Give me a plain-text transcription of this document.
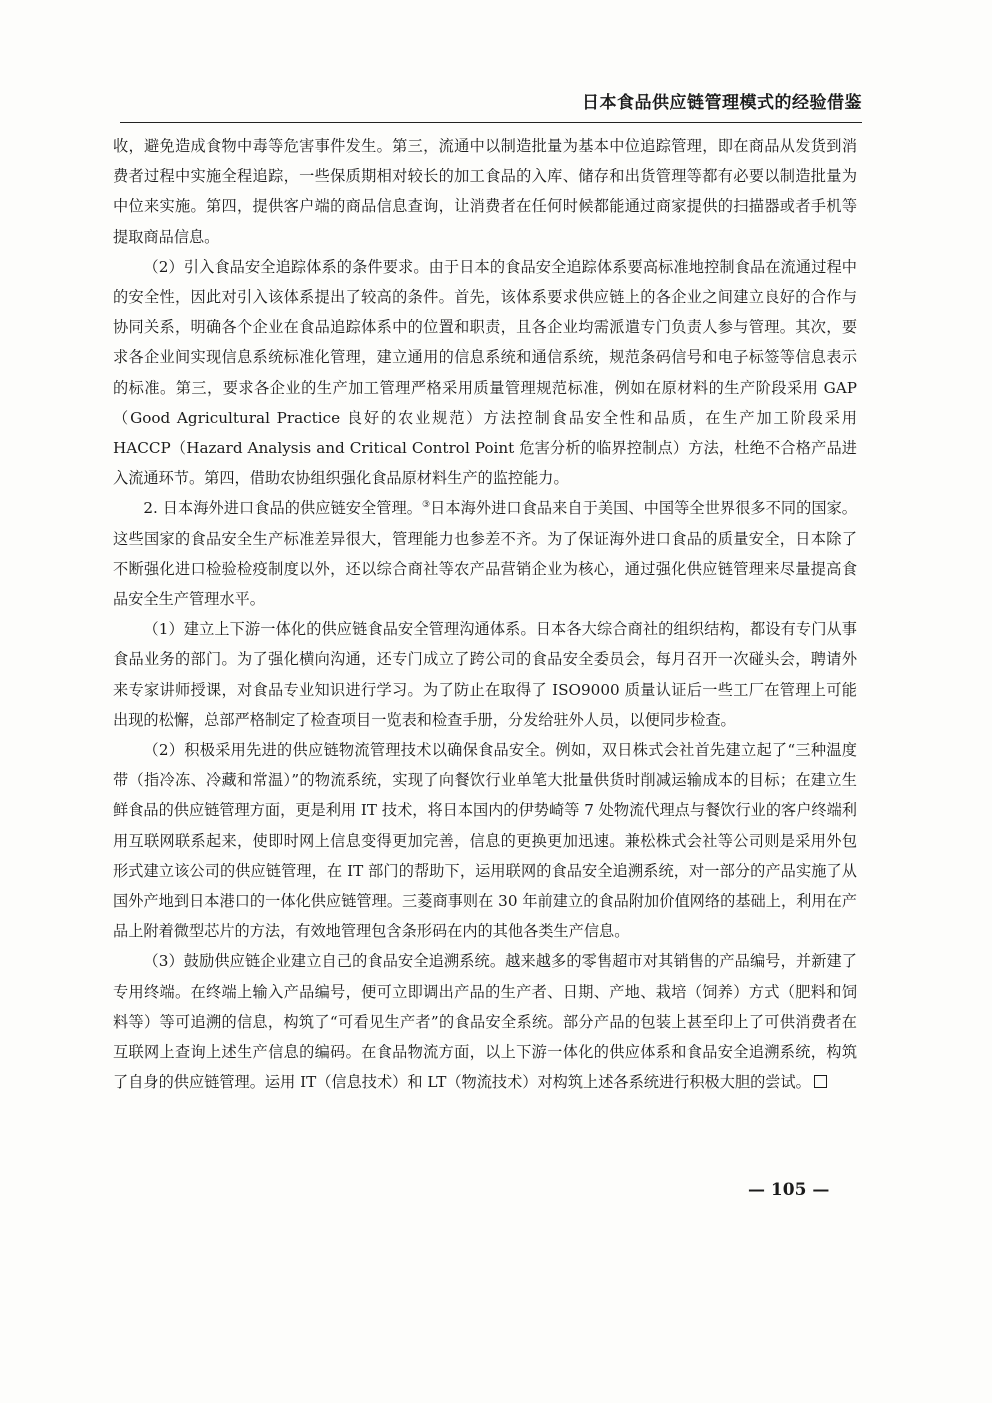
日本食品供应链管理模式的经验借鉴

收，避免造成食物中毒等危害事件发生。第三，流通中以制造批量为基本中位追踪管理，即在商品从发货到消费者过程中实施全程追踪，一些保质期相对较长的加工食品的入库、储存和出货管理等都有必要以制造批量为中位来实施。第四，提供客户端的商品信息查询，让消费者在任何时候都能通过商家提供的扫描器或者手机等提取商品信息。

（2）引入食品安全追踪体系的条件要求。由于日本的食品安全追踪体系要高标准地控制食品在流通过程中的安全性，因此对引入该体系提出了较高的条件。首先，该体系要求供应链上的各企业之间建立良好的合作与协同关系，明确各个企业在食品追踪体系中的位置和职责，且各企业均需派遣专门负责人参与管理。其次，要求各企业间实现信息系统标准化管理，建立通用的信息系统和通信系统，规范条码信号和电子标签等信息表示的标准。第三，要求各企业的生产加工管理严格采用质量管理规范标准，例如在原材料的生产阶段采用 GAP（Good Agricultural Practice 良好的农业规范）方法控制食品安全性和品质，在生产加工阶段采用 HACCP（Hazard Analysis and Critical Control Point 危害分析的临界控制点）方法，杜绝不合格产品进入流通环节。第四，借助农协组织强化食品原材料生产的监控能力。

2. 日本海外进口食品的供应链安全管理。③日本海外进口食品来自于美国、中国等全世界很多不同的国家。这些国家的食品安全生产标准差异很大，管理能力也参差不齐。为了保证海外进口食品的质量安全，日本除了不断强化进口检验检疫制度以外，还以综合商社等农产品营销企业为核心，通过强化供应链管理来尽量提高食品安全生产管理水平。

（1）建立上下游一体化的供应链食品安全管理沟通体系。日本各大综合商社的组织结构，都设有专门从事食品业务的部门。为了强化横向沟通，还专门成立了跨公司的食品安全委员会，每月召开一次碰头会，聘请外来专家讲师授课，对食品专业知识进行学习。为了防止在取得了 ISO9000 质量认证后一些工厂在管理上可能出现的松懈，总部严格制定了检查项目一览表和检查手册，分发给驻外人员，以便同步检查。

（2）积极采用先进的供应链物流管理技术以确保食品安全。例如，双日株式会社首先建立起了“三种温度带（指冷冻、冷藏和常温）”的物流系统，实现了向餐饮行业单笔大批量供货时削减运输成本的目标；在建立生鲜食品的供应链管理方面，更是利用 IT 技术，将日本国内的伊势崎等 7 处物流代理点与餐饮行业的客户终端利用互联网联系起来，使即时网上信息变得更加完善，信息的更换更加迅速。兼松株式会社等公司则是采用外包形式建立该公司的供应链管理，在 IT 部门的帮助下，运用联网的食品安全追溯系统，对一部分的产品实施了从国外产地到日本港口的一体化供应链管理。三菱商事则在 30 年前建立的食品附加价值网络的基础上，利用在产品上附着微型芯片的方法，有效地管理包含条形码在内的其他各类生产信息。

（3）鼓励供应链企业建立自己的食品安全追溯系统。越来越多的零售超市对其销售的产品编号，并新建了专用终端。在终端上输入产品编号，便可立即调出产品的生产者、日期、产地、栽培（饲养）方式（肥料和饲料等）等可追溯的信息，构筑了“可看见生产者”的食品安全系统。部分产品的包装上甚至印上了可供消费者在互联网上查询上述生产信息的编码。在食品物流方面，以上下游一体化的供应体系和食品安全追溯系统，构筑了自身的供应链管理。运用 IT（信息技术）和 LT（物流技术）对构筑上述各系统进行积极大胆的尝试。

— 105 —
